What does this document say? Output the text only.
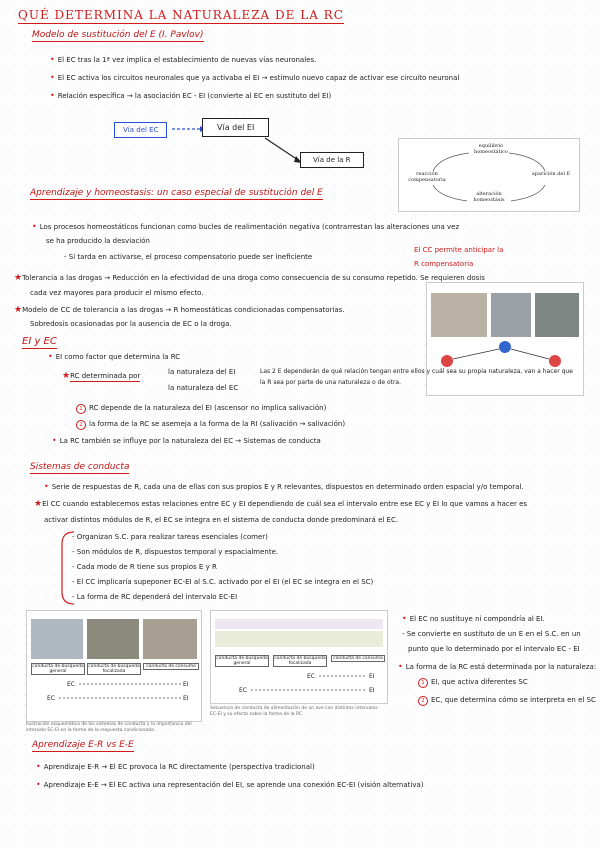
QUÉ DETERMINA LA NATURALEZA DE LA RC
Modelo de sustitución del E (I. Pavlov)
• El EC tras la 1ª vez implica el establecimiento de nuevas vías neuronales.
• El EC activa los circuitos neuronales que ya activaba el EI → estímulo nuevo capaz de activar ese circuito neuronal
• Relación específica → la asociación EC - EI (convierte al EC en sustituto del EI)
Vía del EC	Vía del EI
Vía de la R
equilibrio homeostático
reacción compensatoria
aparición del E
alteración homeostásis
Aprendizaje y homeostasis: un caso especial de sustitución del E
• Los procesos homeostáticos funcionan como bucles de realimentación negativa (contrarrestan las alteraciones una vez
se ha producido la desviación
- Si tarda en activarse, el proceso compensatorio puede ser ineficiente
El CC permite anticipar la
R compensatoria
★Tolerancia a las drogas → Reducción en la efectividad de una droga como consecuencia de su consumo repetido. Se requieren dosis
cada vez mayores para producir el mismo efecto.
★Modelo de CC de tolerancia a las drogas → R homeostáticas condicionadas compensatorias.
Sobredosis ocasionadas por la ausencia de EC o la droga.
EI y EC
• EI como factor que determina la RC
★RC determinada por	la naturaleza del EI
la naturaleza del EC
Las 2 E dependerán de qué relación tengan entre ellos y cuál sea su propia naturaleza, van a hacer que
la R sea por parte de una naturaleza o de otra.
1 RC depende de la naturaleza del EI (ascensor no implica salivación)
2 la forma de la RC se asemeja a la forma de la RI (salivación → salivación)
• La RC también se influye por la naturaleza del EC → Sistemas de conducta
Sistemas de conducta
• Serie de respuestas de R, cada una de ellas con sus propios E y R relevantes, dispuestos en determinado orden espacial y/o temporal.
★El CC cuando establecemos estas relaciones entre EC y EI dependiendo de cuál sea el intervalo entre ese EC y EI lo que vamos a hacer es
activar distintos módulos de R, el EC se integra en el sistema de conducta donde predominará el EC.
- Organizan S.C. para realizar tareas esenciales (comer)
- Son módulos de R, dispuestos temporal y espacialmente.
- Cada modo de R tiene sus propios E y R
- El CC implicaría supeponer EC-EI al S.C. activado por el EI (el EC se integra en el SC)
- La forma de RC dependerá del intervalo EC-EI
conducta de búsqueda general
conducta de búsqueda focalizada
conducta de consumo
EC
EC
EI
EI
Ilustración esquemática de los sistemas de conducta y la importancia del intervalo EC-EI en la forma de la respuesta condicionada.
conducta de búsqueda general
conducta de búsqueda focalizada
conducta de consumo
EC
EC
EI
EI
Secuencia de conducta de alimentación de un ave con distintos intervalos EC-EI y su efecto sobre la forma de la RC.
• El EC no sustituye ni compondría al EI.
- Se convierte en sustituto de un E en el S.C. en un
punto que lo determinado por el intervalo EC - EI
• La forma de la RC está determinada por la naturaleza:
1 EI, que activa diferentes SC
2 EC, que determina cómo se interpreta en el SC
Aprendizaje E-R vs E-E
• Aprendizaje E-R → El EC provoca la RC directamente (perspectiva tradicional)
• Aprendizaje E-E → El EC activa una representación del EI, se aprende una conexión EC-EI (visión alternativa)
